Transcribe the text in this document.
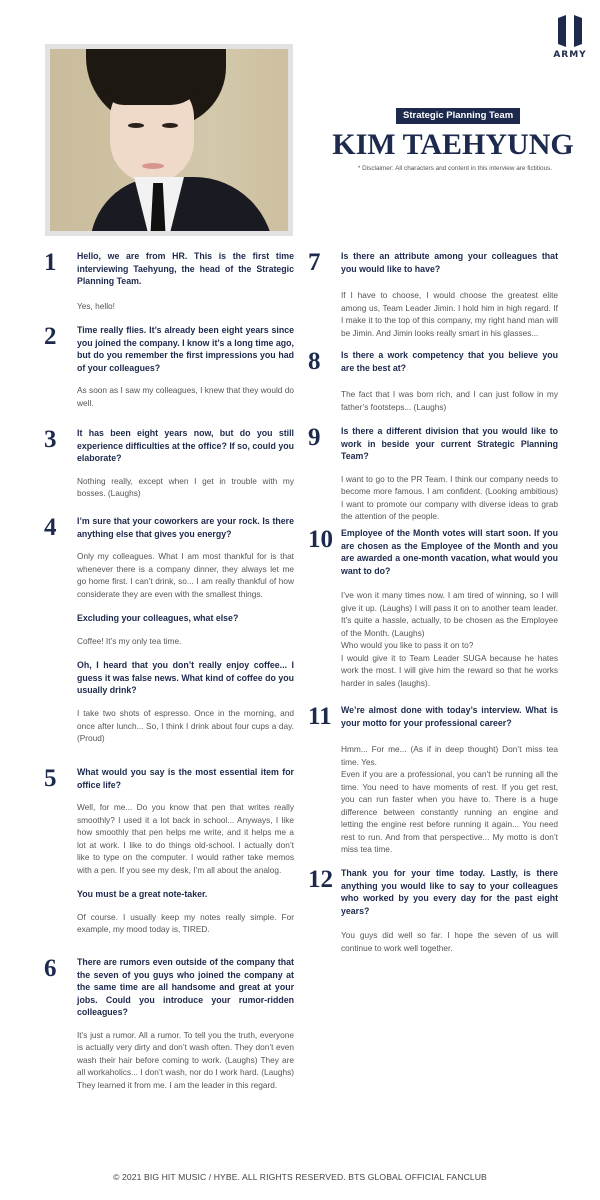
ARMY
Strategic Planning Team
KIM TAEHYUNG
* Disclaimer: All characters and content in this interview are fictitious.
1	Hello, we are from HR. This is the first time interviewing Taehyung, the head of the Strategic Planning Team.
Yes, hello!
2	Time really flies. It’s already been eight years since you joined the company. I know it’s a long time ago, but do you remember the first impressions you had of your colleagues?
As soon as I saw my colleagues, I knew that they would do well.
3	It has been eight years now, but do you still experience difficulties at the office? If so, could you elaborate?
Nothing really, except when I get in trouble with my bosses. (Laughs)
4	I’m sure that your coworkers are your rock. Is there anything else that gives you energy?
Only my colleagues. What I am most thankful for is that whenever there is a company dinner, they always let me go home first. I can’t drink, so... I am really thankful of how considerate they are even with the smallest things.
Excluding your colleagues, what else?
Coffee! It’s my only tea time.
Oh, I heard that you don’t really enjoy coffee... I guess it was false news. What kind of coffee do you usually drink?
I take two shots of espresso. Once in the morning, and once after lunch... So, I think I drink about four cups a day. (Proud)
5	What would you say is the most essential item for office life?
Well, for me... Do you know that pen that writes really smoothly? I used it a lot back in school... Anyways, I like how smoothly that pen helps me write, and it helps me a lot at work. I like to do things old-school. I actually don’t like to type on the computer. I would rather take memos with a pen. If you see my desk, I’m all about the analog.
You must be a great note-taker.
Of course. I usually keep my notes really simple. For example, my mood today is, TIRED.
6	There are rumors even outside of the company that the seven of you guys who joined the company at the same time are all handsome and great at your jobs. Could you introduce your rumor-ridden colleagues?
It’s just a rumor. All a rumor. To tell you the truth, everyone is actually very dirty and don’t wash often. They don’t even wash their hair before coming to work. (Laughs) They are all workaholics... I don’t wash, nor do I work hard. (Laughs) They learned it from me. I am the leader in this regard.
7	Is there an attribute among your colleagues that you would like to have?
If I have to choose, I would choose the greatest elite among us, Team Leader Jimin. I hold him in high regard. If I make it to the top of this company, my right hand man will be Jimin. And Jimin looks really smart in his glasses...
8	Is there a work competency that you believe you are the best at?
The fact that I was born rich, and I can just follow in my father’s footsteps... (Laughs)
9	Is there a different division that you would like to work in beside your current Strategic Planning Team?
I want to go to the PR Team. I think our company needs to become more famous. I am confident. (Looking ambitious) I want to promote our company with diverse ideas to grab the attention of the people.
10 Employee of the Month votes will start soon. If you are chosen as the Employee of the Month and you are awarded a one-month vacation, what would you want to do?

I’ve won it many times now. I am tired of winning, so I will give it up. (Laughs) I will pass it on to another team leader. It’s quite a hassle, actually, to be chosen as the Employee of the Month. (Laughs)

Who would you like to pass it on to?

I would give it to Team Leader SUGA because he hates work the most. I will give him the reward so that he works harder in sales (laughs).

11	We’re almost done with today’s interview. What is your motto for your professional career?

Hmm... For me... (As if in deep thought) Don’t miss tea time. Yes.

Even if you are a professional, you can’t be running all the time. You need to have moments of rest. If you get rest, you can run faster when you have to. There is a huge difference between constantly running an engine and letting the engine rest before running it again... You need rest to run. And from that perspective... My motto is don’t miss tea time.

12 Thank you for your time today. Lastly, is there anything you would like to say to your colleagues who worked by you every day for the past eight years?
You guys did well so far. I hope the seven of us will continue to work well together.
© 2021 BIG HIT MUSIC / HYBE. ALL RIGHTS RESERVED. BTS GLOBAL OFFICIAL FANCLUB
